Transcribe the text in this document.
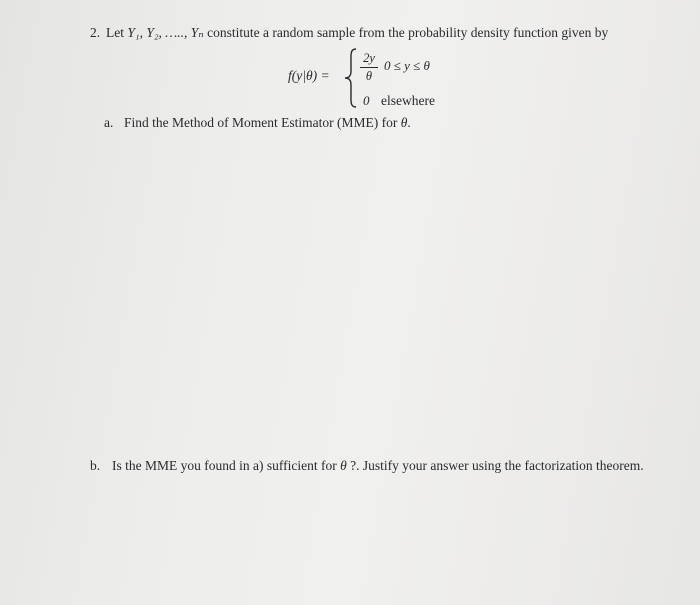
2. Let Y₁, Y₂, ….., Yₙ constitute a random sample from the probability density function given by
f(y|θ) =
2y
θ
0 ≤ y ≤ θ
0 elsewhere
a. Find the Method of Moment Estimator (MME) for θ.
b. Is the MME you found in a) sufficient for θ ?. Justify your answer using the factorization theorem.
